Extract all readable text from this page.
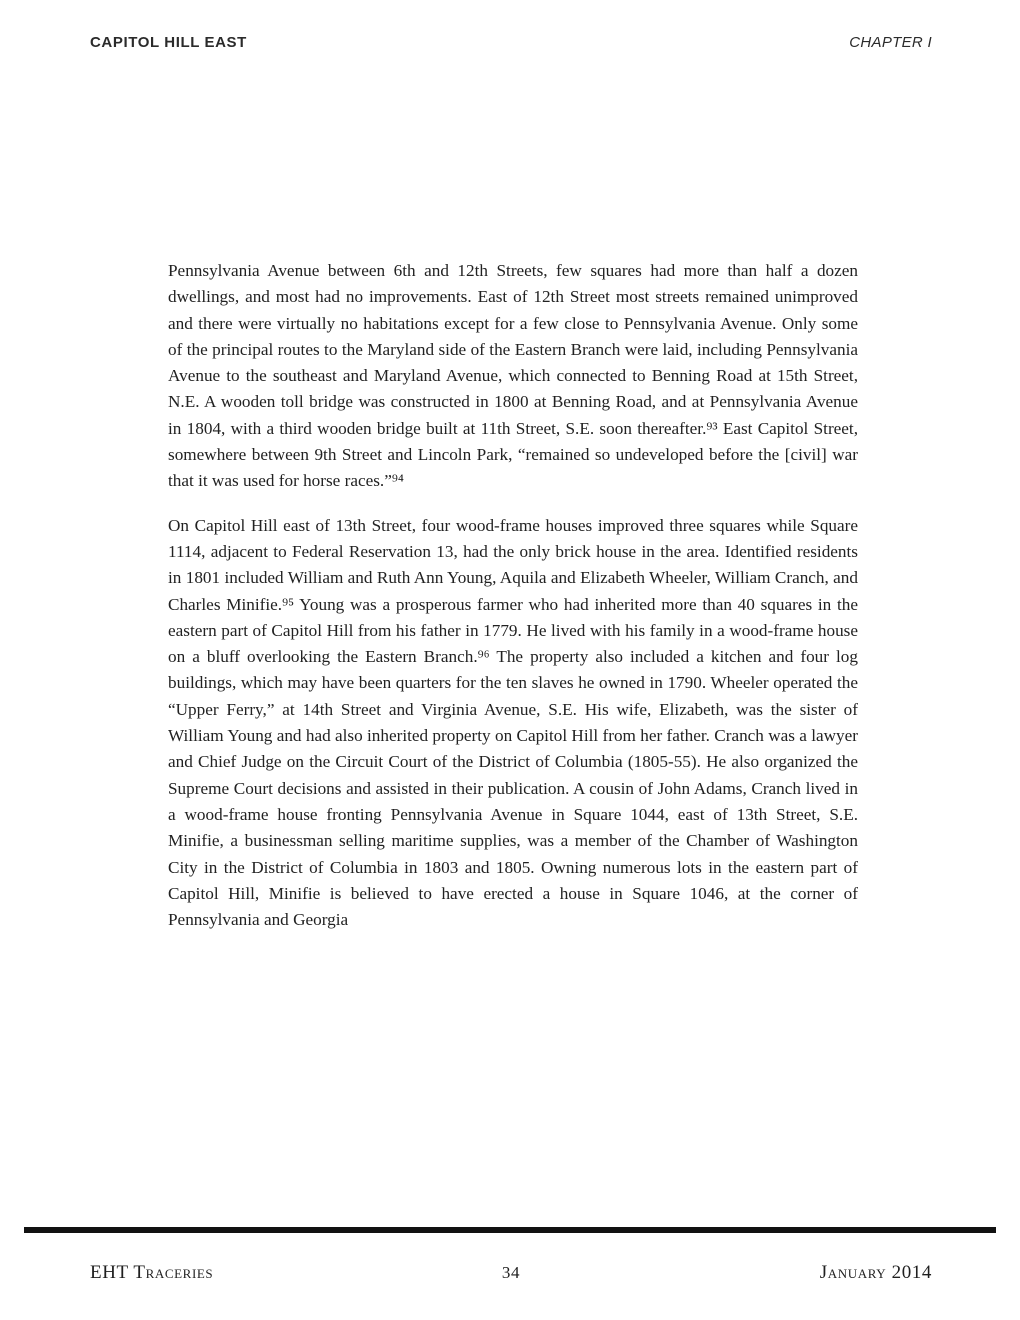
CAPITOL HILL EAST	CHAPTER I

Pennsylvania Avenue between 6th and 12th Streets, few squares had more than half a dozen dwellings, and most had no improvements. East of 12th Street most streets remained unimproved and there were virtually no habitations except for a few close to Pennsylvania Avenue. Only some of the principal routes to the Maryland side of the Eastern Branch were laid, including Pennsylvania Avenue to the southeast and Maryland Avenue, which connected to Benning Road at 15th Street, N.E. A wooden toll bridge was constructed in 1800 at Benning Road, and at Pennsylvania Avenue in 1804, with a third wooden bridge built at 11th Street, S.E. soon thereafter.⁹³ East Capitol Street, somewhere between 9th Street and Lincoln Park, “remained so undeveloped before the [civil] war that it was used for horse races.”⁹⁴

On Capitol Hill east of 13th Street, four wood-frame houses improved three squares while Square 1114, adjacent to Federal Reservation 13, had the only brick house in the area. Identified residents in 1801 included William and Ruth Ann Young, Aquila and Elizabeth Wheeler, William Cranch, and Charles Minifie.⁹⁵ Young was a prosperous farmer who had inherited more than 40 squares in the eastern part of Capitol Hill from his father in 1779. He lived with his family in a wood-frame house on a bluff overlooking the Eastern Branch.⁹⁶ The property also included a kitchen and four log buildings, which may have been quarters for the ten slaves he owned in 1790. Wheeler operated the “Upper Ferry,” at 14th Street and Virginia Avenue, S.E. His wife, Elizabeth, was the sister of William Young and had also inherited property on Capitol Hill from her father. Cranch was a lawyer and Chief Judge on the Circuit Court of the District of Columbia (1805-55). He also organized the Supreme Court decisions and assisted in their publication. A cousin of John Adams, Cranch lived in a wood-frame house fronting Pennsylvania Avenue in Square 1044, east of 13th Street, S.E. Minifie, a businessman selling maritime supplies, was a member of the Chamber of Washington City in the District of Columbia in 1803 and 1805. Owning numerous lots in the eastern part of Capitol Hill, Minifie is believed to have erected a house in Square 1046, at the corner of Pennsylvania and Georgia

EHT Traceries	34	January 2014
